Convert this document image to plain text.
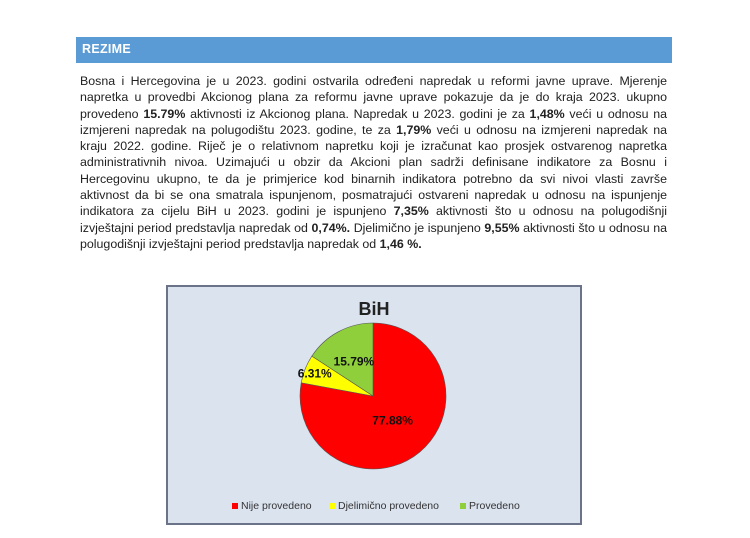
REZIME
Bosna i Hercegovina je u 2023. godini ostvarila određeni napredak u reformi javne uprave. Mjerenje napretka u provedbi Akcionog plana za reformu javne uprave pokazuje da je do kraja 2023. ukupno provedeno 15.79% aktivnosti iz Akcionog plana. Napredak u 2023. godini je za 1,48% veći u odnosu na izmjereni napredak na polugodištu 2023. godine, te za 1,79% veći u odnosu na izmjereni napredak na kraju 2022. godine. Riječ je o relativnom napretku koji je izračunat kao prosjek ostvarenog napretka administrativnih nivoa. Uzimajući u obzir da Akcioni plan sadrži definisane indikatore za Bosnu i Hercegovinu ukupno, te da je primjerice kod binarnih indikatora potrebno da svi nivoi vlasti završe aktivnost da bi se ona smatrala ispunjenom, posmatrajući ostvareni napredak u odnosu na ispunjenje indikatora za cijelu BiH u 2023. godini je ispunjeno 7,35% aktivnosti što u odnosu na polugodišnji izvještajni period predstavlja napredak od 0,74%. Djelimično je ispunjeno 9,55% aktivnosti što u odnosu na polugodišnji izvještajni period predstavlja napredak od 1,46 %.
BiH
77.88%
6.31%
15.79%
Nije provedeno	Djelimično provedeno	Provedeno
